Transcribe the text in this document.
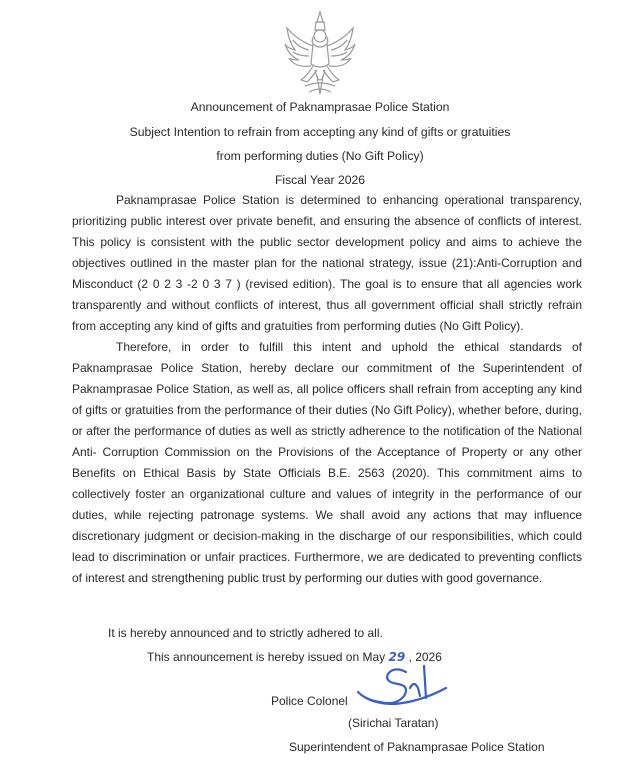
Announcement of Paknamprasae Police Station
Subject Intention to refrain from accepting any kind of gifts or gratuities
from performing duties (No Gift Policy)
Fiscal Year 2026

Paknamprasae Police Station is determined to enhancing operational transparency, prioritizing public interest over private benefit, and ensuring the absence of conflicts of interest. This policy is consistent with the public sector development policy and aims to achieve the objectives outlined in the master plan for the national strategy, issue (21):Anti-Corruption and Misconduct (2 0 2 3 -2 0 3 7 ) (revised edition). The goal is to ensure that all agencies work transparently and without conflicts of interest, thus all government official shall strictly refrain from accepting any kind of gifts and gratuities from performing duties (No Gift Policy).

Therefore, in order to fulfill this intent and uphold the ethical standards of Paknamprasae Police Station, hereby declare our commitment of the Superintendent of Paknamprasae Police Station, as well as, all police officers shall refrain from accepting any kind of gifts or gratuities from the performance of their duties (No Gift Policy), whether before, during, or after the performance of duties as well as strictly adherence to the notification of the National Anti- Corruption Commission on the Provisions of the Acceptance of Property or any other Benefits on Ethical Basis by State Officials B.E. 2563 (2020). This commitment aims to collectively foster an organizational culture and values of integrity in the performance of our duties, while rejecting patronage systems. We shall avoid any actions that may influence discretionary judgment or decision-making in the discharge of our responsibilities, which could lead to discrimination or unfair practices. Furthermore, we are dedicated to preventing conflicts of interest and strengthening public trust by performing our duties with good governance.

It is hereby announced and to strictly adhered to all.
This announcement is hereby issued on May 29 , 2026
Police Colonel
(Sirichai Taratan)
Superintendent of Paknamprasae Police Station
